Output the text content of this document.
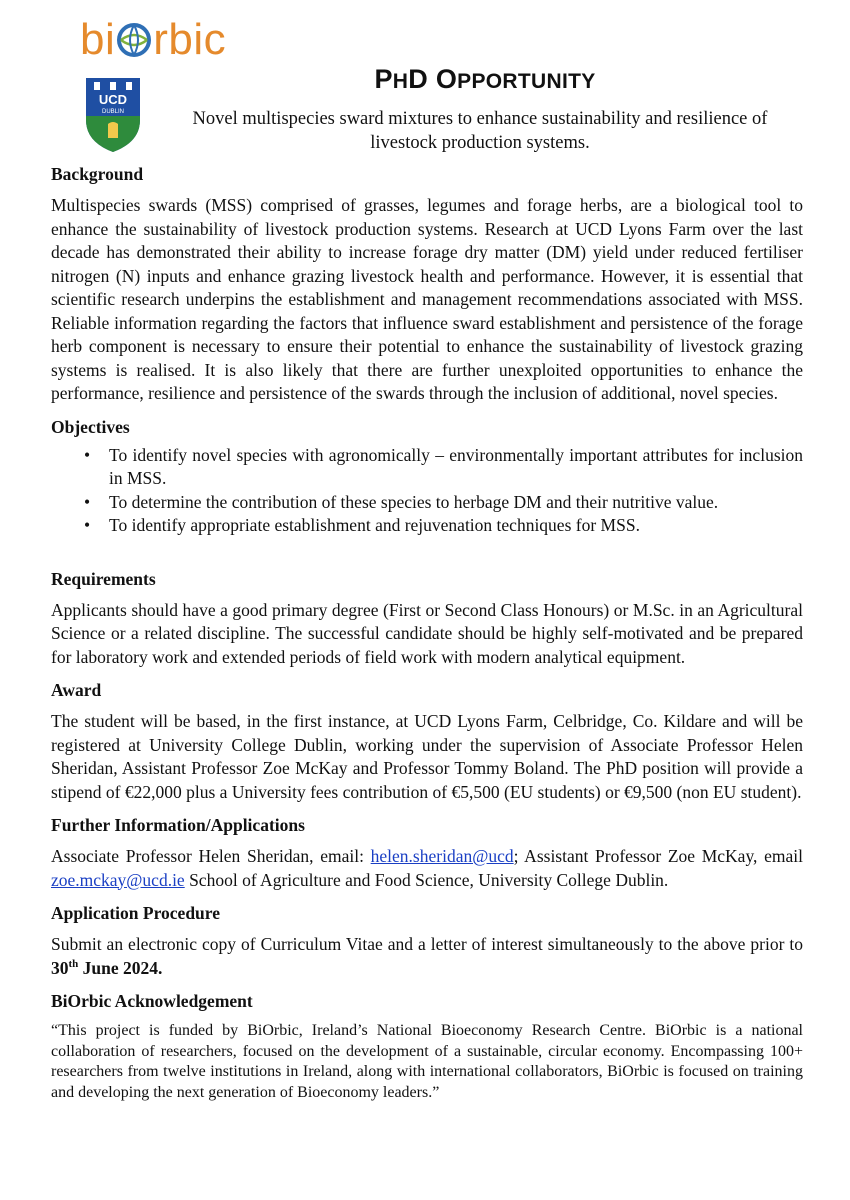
bi rbic
UCD
DUBLIN
PHD OPPORTUNITY
Novel multispecies sward mixtures to enhance sustainability and resilience of livestock production systems.
Background

Multispecies swards (MSS) comprised of grasses, legumes and forage herbs, are a biological tool to enhance the sustainability of livestock production systems. Research at UCD Lyons Farm over the last decade has demonstrated their ability to increase forage dry matter (DM) yield under reduced fertiliser nitrogen (N) inputs and enhance grazing livestock health and performance. However, it is essential that scientific research underpins the establishment and management recommendations associated with MSS. Reliable information regarding the factors that influence sward establishment and persistence of the forage herb component is necessary to ensure their potential to enhance the sustainability of livestock grazing systems is realised. It is also likely that there are further unexploited opportunities to enhance the performance, resilience and persistence of the swards through the inclusion of additional, novel species.

Objectives
• To identify novel species with agronomically – environmentally important attributes for inclusion in MSS.
• To determine the contribution of these species to herbage DM and their nutritive value.
• To identify appropriate establishment and rejuvenation techniques for MSS.
Requirements

Applicants should have a good primary degree (First or Second Class Honours) or M.Sc. in an Agricultural Science or a related discipline. The successful candidate should be highly self-motivated and be prepared for laboratory work and extended periods of field work with modern analytical equipment.

Award

The student will be based, in the first instance, at UCD Lyons Farm, Celbridge, Co. Kildare and will be registered at University College Dublin, working under the supervision of Associate Professor Helen Sheridan, Assistant Professor Zoe McKay and Professor Tommy Boland. The PhD position will provide a stipend of €22,000 plus a University fees contribution of €5,500 (EU students) or €9,500 (non EU student).

Further Information/Applications

Associate Professor Helen Sheridan, email: helen.sheridan@ucd; Assistant Professor Zoe McKay, email zoe.mckay@ucd.ie School of Agriculture and Food Science, University College Dublin.

Application Procedure

Submit an electronic copy of Curriculum Vitae and a letter of interest simultaneously to the above prior to 30th June 2024.

BiOrbic Acknowledgement

“This project is funded by BiOrbic, Ireland’s National Bioeconomy Research Centre. BiOrbic is a national collaboration of researchers, focused on the development of a sustainable, circular economy. Encompassing 100+ researchers from twelve institutions in Ireland, along with international collaborators, BiOrbic is focused on training and developing the next generation of Bioeconomy leaders.”
